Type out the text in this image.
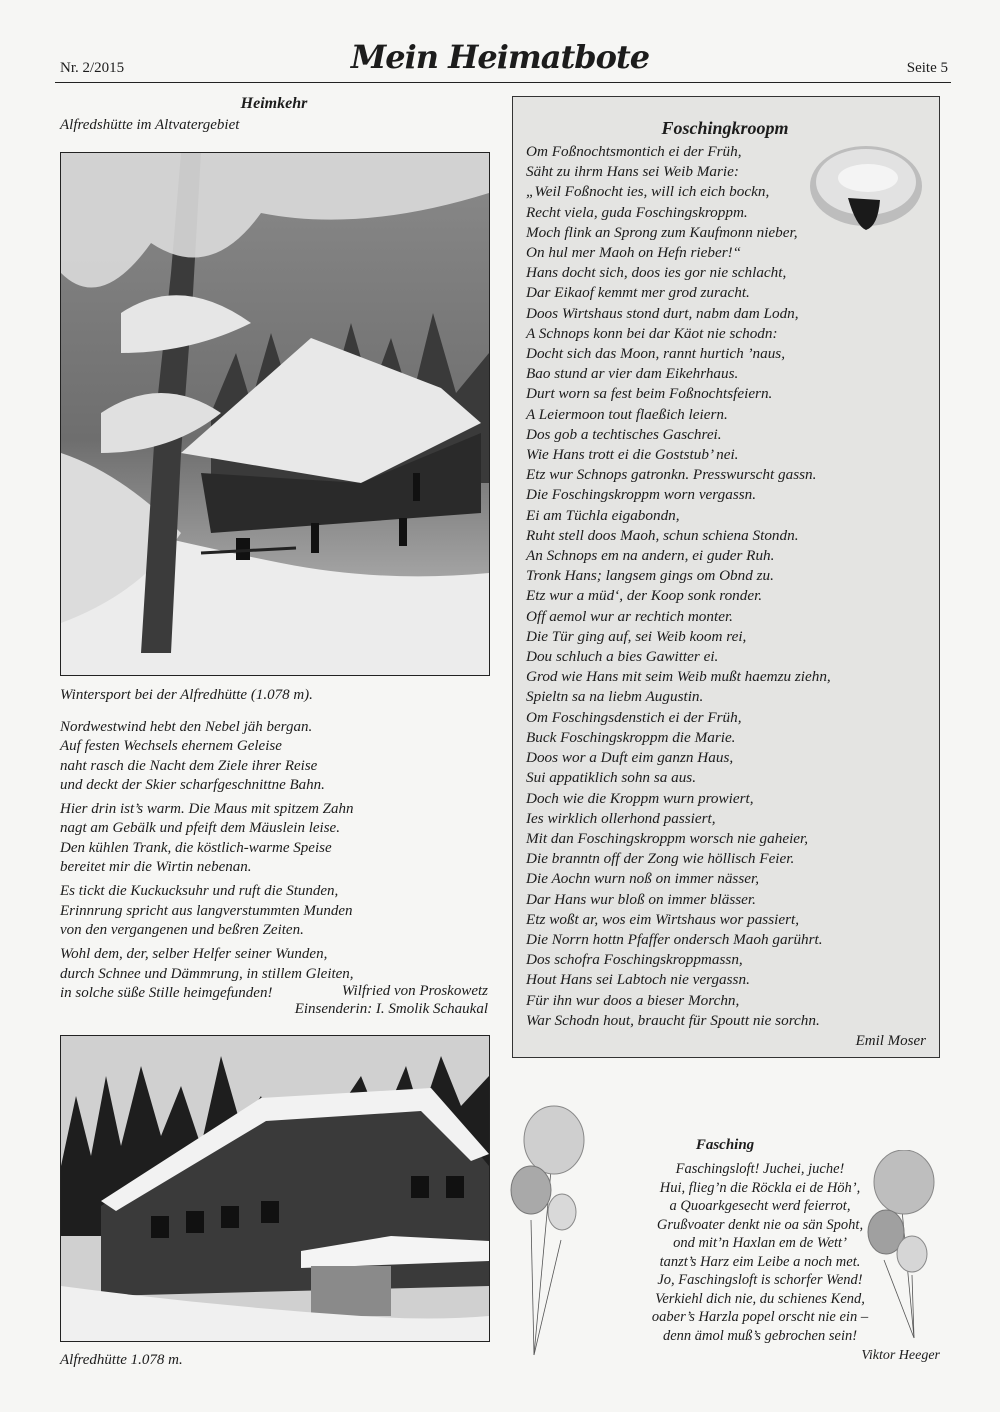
Nr. 2/2015	Mein Heimatbote	Seite 5
Heimkehr
Alfredshütte im Altvatergebiet
Wintersport bei der Alfredhütte (1.078 m).
Nordwestwind hebt den Nebel jäh bergan.
Auf festen Wechsels ehernem Geleise
naht rasch die Nacht dem Ziele ihrer Reise
und deckt der Skier scharfgeschnittne Bahn.
Hier drin ist’s warm. Die Maus mit spitzem Zahn
nagt am Gebälk und pfeift dem Mäuslein leise.
Den kühlen Trank, die köstlich-warme Speise
bereitet mir die Wirtin nebenan.
Es tickt die Kuckucksuhr und ruft die Stunden,
Erinnrung spricht aus langverstummten Munden
von den vergangenen und beßren Zeiten.
Wohl dem, der, selber Helfer seiner Wunden,
durch Schnee und Dämmrung, in stillem Gleiten,
in solche süße Stille heimgefunden!	Wilfried von Proskowetz
Einsenderin: I. Smolik Schaukal
Alfredhütte 1.078 m.
Foschingkroopm
Om Foßnochtsmontich ei der Früh,
Säht zu ihrm Hans sei Weib Marie:
„Weil Foßnocht ies, will ich eich bockn,
Recht viela, guda Foschingskroppm.
Moch flink an Sprong zum Kaufmonn nieber,
On hul mer Maoh on Hefn rieber!“
Hans docht sich, doos ies gor nie schlacht,
Dar Eikaof kemmt mer grod zuracht.
Doos Wirtshaus stond durt, nabm dam Lodn,
A Schnops konn bei dar Käot nie schodn:
Docht sich das Moon, rannt hurtich ’naus,
Bao stund ar vier dam Eikehrhaus.
Durt worn sa fest beim Foßnochtsfeiern.
A Leiermoon tout flaeßich leiern.
Dos gob a techtisches Gaschrei.
Wie Hans trott ei die Goststub’ nei.
Etz wur Schnops gatronkn. Presswurscht gassn.
Die Foschingskroppm worn vergassn.
Ei am Tüchla eigabondn,
Ruht stell doos Maoh, schun schiena Stondn.
An Schnops em na andern, ei guder Ruh.
Tronk Hans; langsem gings om Obnd zu.
Etz wur a müd‘, der Koop sonk ronder.
Off aemol wur ar rechtich monter.
Die Tür ging auf, sei Weib koom rei,
Dou schluch a bies Gawitter ei.
Grod wie Hans mit seim Weib mußt haemzu ziehn,
Spieltn sa na liebm Augustin.
Om Foschingsdenstich ei der Früh,
Buck Foschingskroppm die Marie.
Doos wor a Duft eim ganzn Haus,
Sui appatiklich sohn sa aus.
Doch wie die Kroppm wurn prowiert,
Ies wirklich ollerhond passiert,
Mit dan Foschingskroppm worsch nie gaheier,
Die branntn off der Zong wie höllisch Feier.
Die Aochn wurn noß on immer nässer,
Dar Hans wur bloß on immer blässer.
Etz woßt ar, wos eim Wirtshaus wor passiert,
Die Norrn hottn Pfaffer ondersch Maoh garührt.
Dos schofra Foschingskroppmassn,
Hout Hans sei Labtoch nie vergassn.
Für ihn wur doos a bieser Morchn,
War Schodn hout, braucht für Spoutt nie sorchn.
Emil Moser
Fasching
Faschingsloft! Juchei, juche!
Hui, flieg’n die Röckla ei de Höh’,
a Quoarkgesecht werd feierrot,
Grußvoater denkt nie oa sän Spoht,
ond mit’n Haxlan em de Wett’
tanzt’s Harz eim Leibe a noch met.
Jo, Faschingsloft is schorfer Wend!
Verkiehl dich nie, du schienes Kend,
oaber’s Harzla popel orscht nie ein –
denn ämol muß’s gebrochen sein!
Viktor Heeger
